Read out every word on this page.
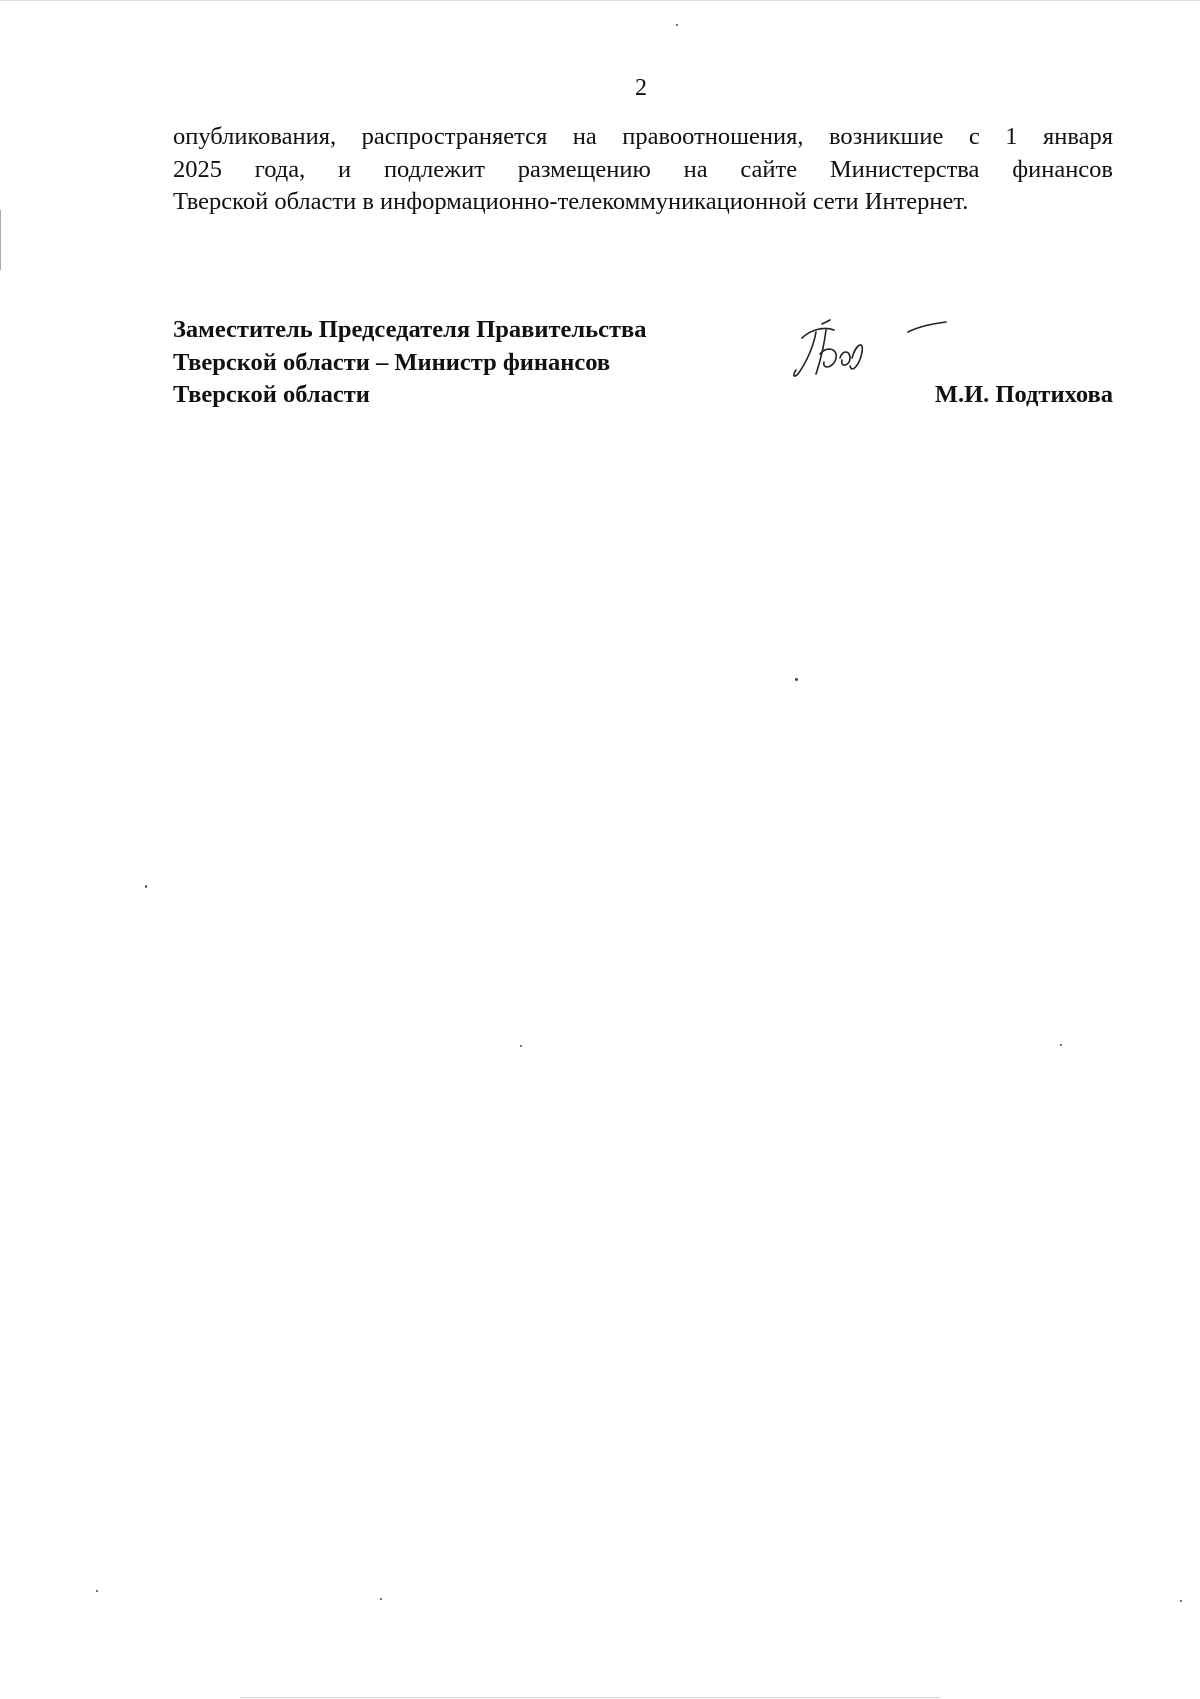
2
опубликования, распространяется на правоотношения, возникшие с 1 января
2025 года, и подлежит размещению на сайте Министерства финансов
Тверской области в информационно-телекоммуникационной сети Интернет.
Заместитель Председателя Правительства
Тверской области – Министр финансов
Тверской области	М.И. Подтихова
